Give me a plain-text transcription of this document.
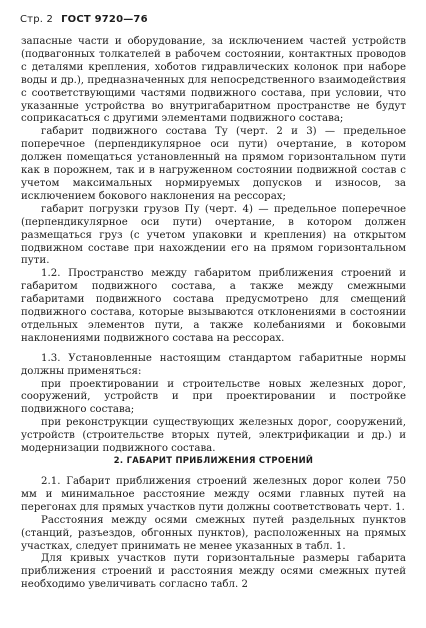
Стр. 2 ГОСТ 9720—76

запасные части и оборудование, за исключением частей устройств (подвагонных толкателей в рабочем состоянии, контактных проводов с деталями крепления, хоботов гидравлических колонок при наборе воды и др.), предназначенных для непосредственного взаимодействия с соответствующими частями подвижного состава, при условии, что указанные устройства во внутригабаритном пространстве не будут соприкасаться с другими элементами подвижного состава;

габарит подвижного состава Ту (черт. 2 и 3) — предельное поперечное (перпендикулярное оси пути) очертание, в котором должен помещаться установленный на прямом горизонтальном пути как в порожнем, так и в нагруженном состоянии подвижной состав с учетом максимальных нормируемых допусков и износов, за исключением бокового наклонения на рессорах;

габарит погрузки грузов Пу (черт. 4) — предельное поперечное (перпендикулярное оси пути) очертание, в котором должен размещаться груз (с учетом упаковки и крепления) на открытом подвижном составе при нахождении его на прямом горизонтальном пути.

1.2. Пространство между габаритом приближения строений и габаритом подвижного состава, а также между смежными габаритами подвижного состава предусмотрено для смещений подвижного состава, которые вызываются отклонениями в состоянии отдельных элементов пути, а также колебаниями и боковыми наклонениями подвижного состава на рессорах.

1.3. Установленные настоящим стандартом габаритные нормы должны применяться:

при проектировании и строительстве новых железных дорог, сооружений, устройств и при проектировании и постройке подвижного состава;

при реконструкции существующих железных дорог, сооружений, устройств (строительстве вторых путей, электрификации и др.) и модернизации подвижного состава.

2. ГАБАРИТ ПРИБЛИЖЕНИЯ СТРОЕНИЙ

2.1. Габарит приближения строений железных дорог колеи 750 мм и минимальное расстояние между осями главных путей на перегонах для прямых участков пути должны соответствовать черт. 1.

Расстояния между осями смежных путей раздельных пунктов (станций, разъездов, обгонных пунктов), расположенных на прямых участках, следует принимать не менее указанных в табл. 1.

Для кривых участков пути горизонтальные размеры габарита приближения строений и расстояния между осями смежных путей необходимо увеличивать согласно табл. 2
